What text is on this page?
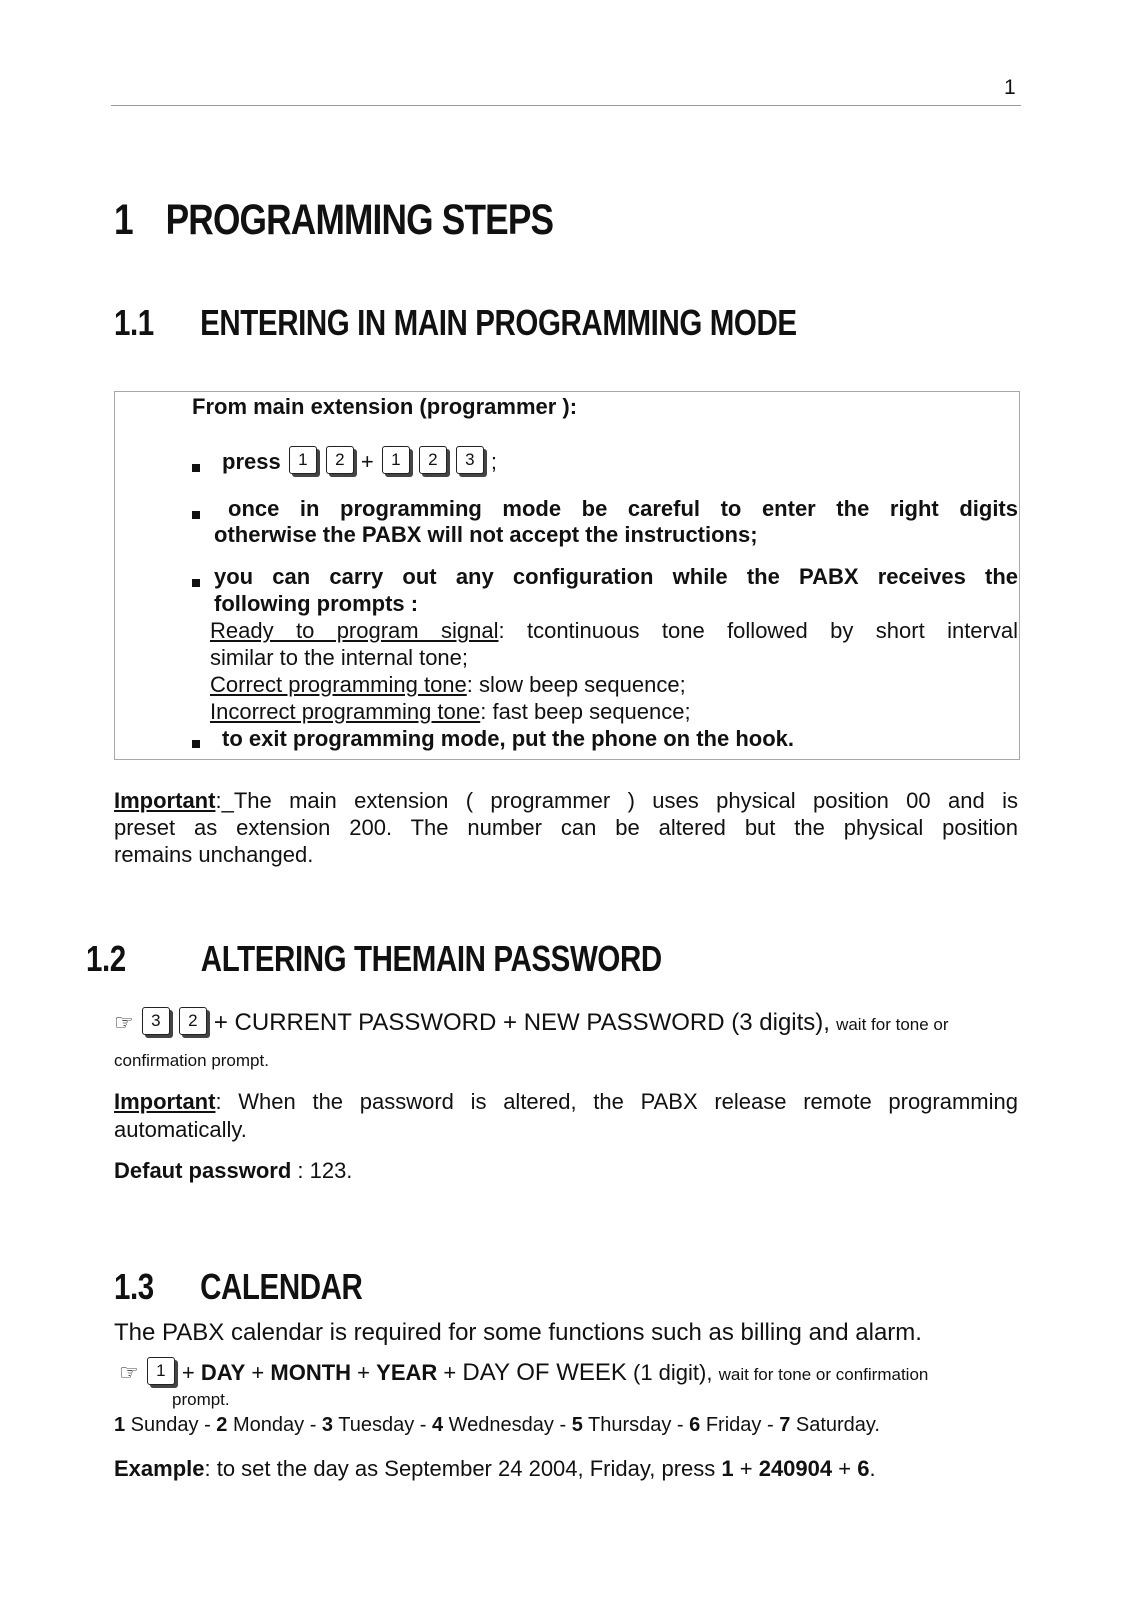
1
1 PROGRAMMING STEPS
1.1 ENTERING IN MAIN PROGRAMMING MODE
From main extension (programmer ):
press 1 2 + 1 2 3 ;
once in programming mode be careful to enter the right digits
otherwise the PABX will not accept the instructions;
you can carry out any configuration while the PABX receives the
following prompts :
Ready to program signal: tcontinuous tone followed by short interval
similar to the internal tone;
Correct programming tone: slow beep sequence;
Incorrect programming tone: fast beep sequence;
to exit programming mode, put the phone on the hook.
Important:_The main extension ( programmer ) uses physical position 00 and is
preset as extension 200. The number can be altered but the physical position
remains unchanged.
1.2 ALTERING THEMAIN PASSWORD
☞ 3 2 + CURRENT PASSWORD + NEW PASSWORD (3 digits), wait for tone or
confirmation prompt.
Important: When the password is altered, the PABX release remote programming
automatically.
Defaut password : 123.
1.3 CALENDAR
The PABX calendar is required for some functions such as billing and alarm.
☞ 1 + DAY + MONTH + YEAR + DAY OF WEEK (1 digit), wait for tone or confirmation
prompt.
1 Sunday - 2 Monday - 3 Tuesday - 4 Wednesday - 5 Thursday - 6 Friday - 7 Saturday.
Example: to set the day as September 24 2004, Friday, press 1 + 240904 + 6.
